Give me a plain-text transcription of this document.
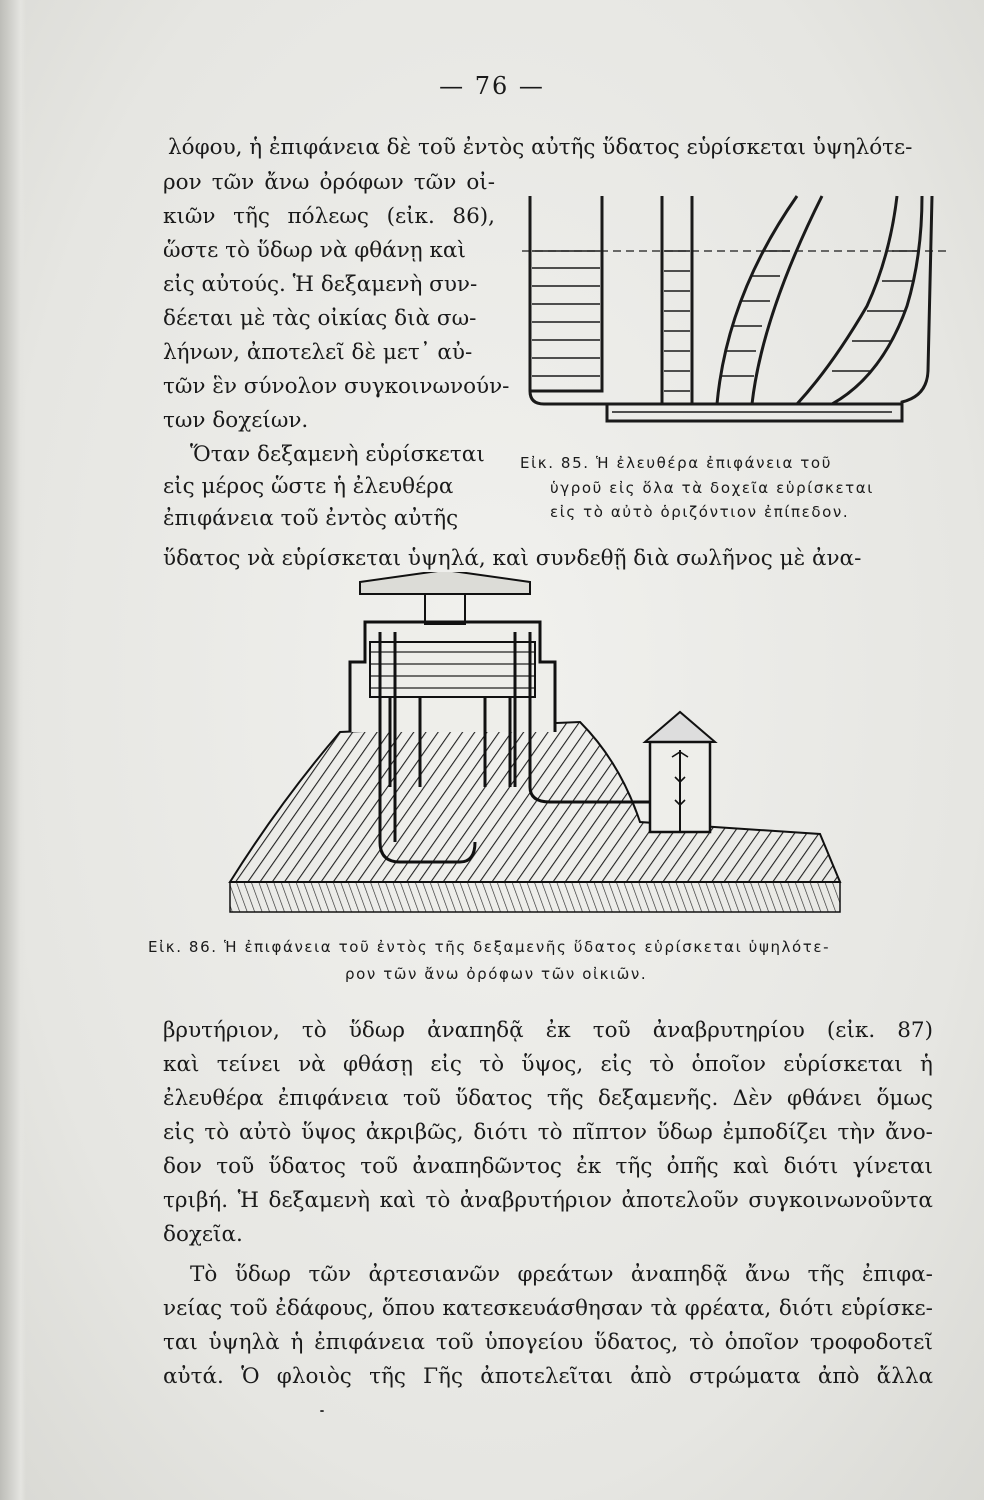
— 76 —
λόφου, ἡ ἐπιφάνεια δὲ τοῦ ἐντὸς αὐτῆς ὕδατος εὑρίσκεται ὑψηλότε-
ρον τῶν ἄνω ὀρόφων τῶν οἰ-
κιῶν τῆς πόλεως (εἰκ. 86),
ὥστε τὸ ὕδωρ νὰ φθάνῃ καὶ
εἰς αὐτούς. Ἡ δεξαμενὴ συν-
δέεται μὲ τὰς οἰκίας διὰ σω-
λήνων, ἀποτελεῖ δὲ μετ᾽ αὐ-
τῶν ἓν σύνολον συγκοινωνούν-
των δοχείων.
Ὅταν δεξαμενὴ εὑρίσκεται
εἰς μέρος ὥστε ἡ ἐλευθέρα
ἐπιφάνεια τοῦ ἐντὸς αὐτῆς
ὕδατος νὰ εὑρίσκεται ὑψηλά, καὶ συνδεθῇ διὰ σωλῆνος μὲ ἀνα-
Εἰκ. 85. Ἡ ἐλευθέρα ἐπιφάνεια τοῦ
ὑγροῦ εἰς ὅλα τὰ δοχεῖα εὑρίσκεται
εἰς τὸ αὐτὸ ὁριζόντιον ἐπίπεδον.
Εἰκ. 86. Ἡ ἐπιφάνεια τοῦ ἐντὸς τῆς δεξαμενῆς ὕδατος εὑρίσκεται ὑψηλότε-
ρον τῶν ἄνω ὀρόφων τῶν οἰκιῶν.
βρυτήριον, τὸ ὕδωρ ἀναπηδᾷ ἐκ τοῦ ἀναβρυτηρίου (εἰκ. 87)
καὶ τείνει νὰ φθάσῃ εἰς τὸ ὕψος, εἰς τὸ ὁποῖον εὑρίσκεται ἡ
ἐλευθέρα ἐπιφάνεια τοῦ ὕδατος τῆς δεξαμενῆς. Δὲν φθάνει ὅμως
εἰς τὸ αὐτὸ ὕψος ἀκριβῶς, διότι τὸ πῖπτον ὕδωρ ἐμποδίζει τὴν ἄνο-
δον τοῦ ὕδατος τοῦ ἀναπηδῶντος ἐκ τῆς ὀπῆς καὶ διότι γίνεται
τριβή. Ἡ δεξαμενὴ καὶ τὸ ἀναβρυτήριον ἀποτελοῦν συγκοινωνοῦντα
δοχεῖα.
Τὸ ὕδωρ τῶν ἀρτεσιανῶν φρεάτων ἀναπηδᾷ ἄνω τῆς ἐπιφα-
νείας τοῦ ἐδάφους, ὅπου κατεσκευάσθησαν τὰ φρέατα, διότι εὑρίσκε-
ται ὑψηλὰ ἡ ἐπιφάνεια τοῦ ὑπογείου ὕδατος, τὸ ὁποῖον τροφοδοτεῖ
αὐτά. Ὁ φλοιὸς τῆς Γῆς ἀποτελεῖται ἀπὸ στρώματα ἀπὸ ἄλλα
